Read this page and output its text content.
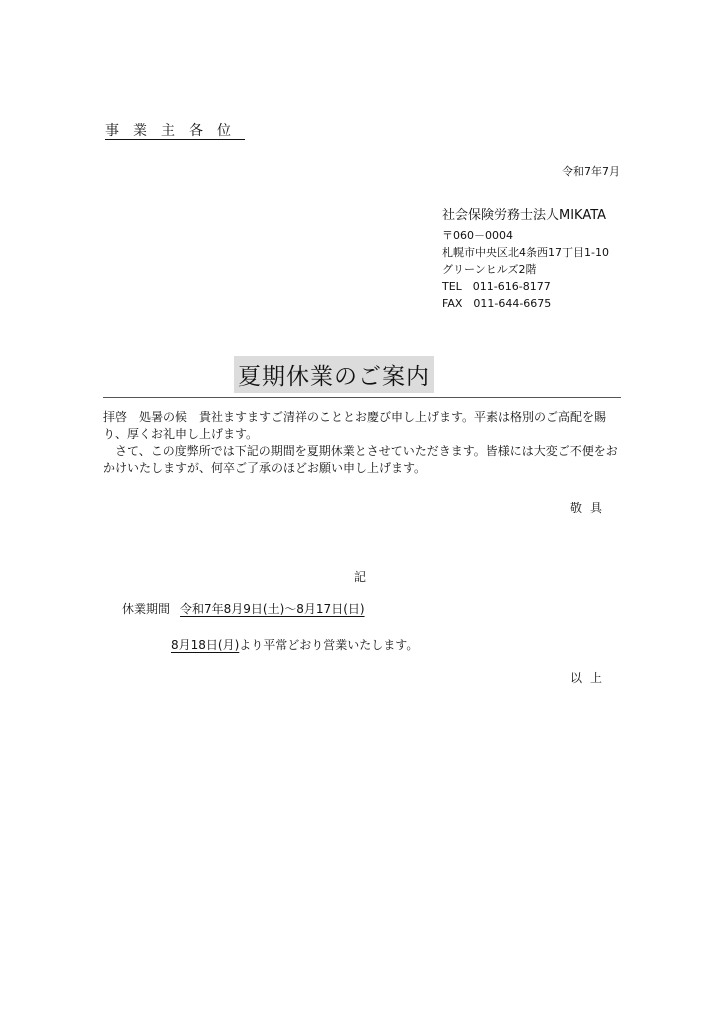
事業主各位
令和7年7月
社会保険労務士法人MIKATA
〒060－0004
札幌市中央区北4条西17丁目1-10
グリーンヒルズ2階
TEL　011-616-8177
FAX　011-644-6675
夏期休業のご案内

拝啓　処暑の候　貴社ますますご清祥のこととお慶び申し上げます。平素は格別のご高配を賜り、厚くお礼申し上げます。

　さて、この度弊所では下記の期間を夏期休業とさせていただきます。皆様には大変ご不便をおかけいたしますが、何卒ご了承のほどお願い申し上げます。

敬具
記
休業期間 令和7年8月9日(土)～8月17日(日)
8月18日(月)より平常どおり営業いたします。
以上
